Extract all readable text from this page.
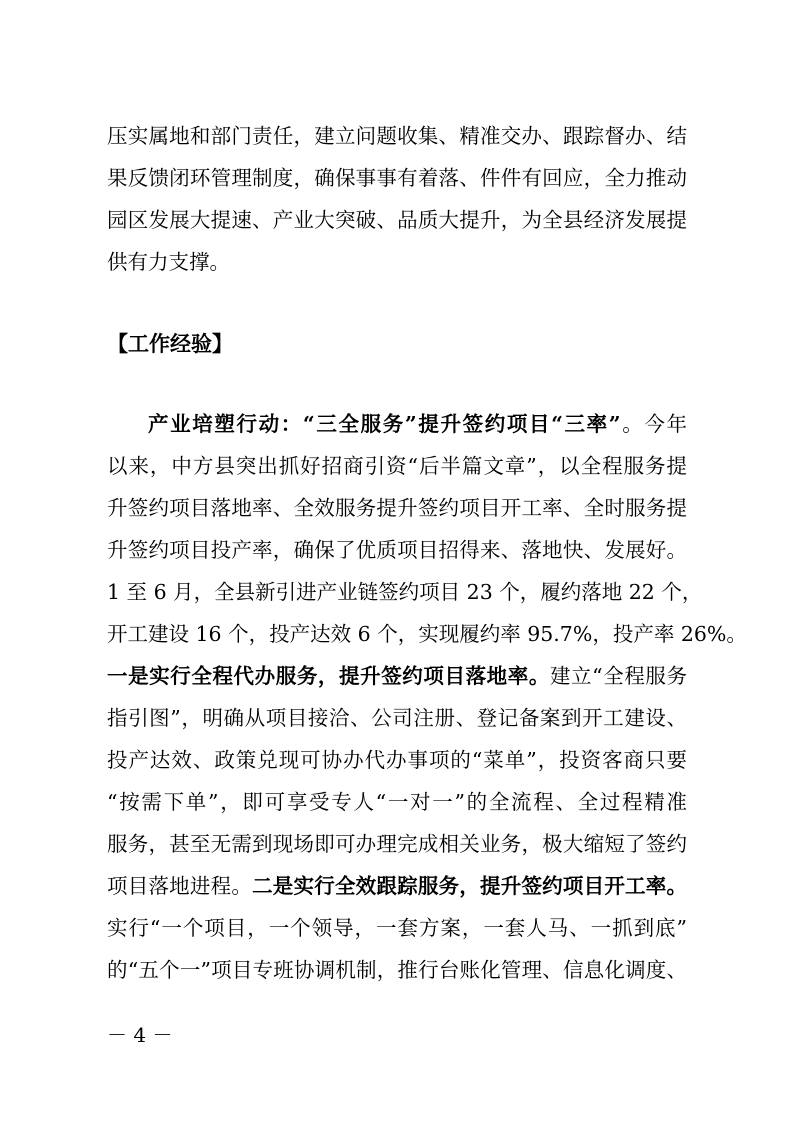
压实属地和部门责任，建立问题收集、精准交办、跟踪督办、结
果反馈闭环管理制度，确保事事有着落、件件有回应，全力推动
园区发展大提速、产业大突破、品质大提升，为全县经济发展提
供有力支撑。
【工作经验】
产业培塑行动：“三全服务”提升签约项目“三率”。今年
以来，中方县突出抓好招商引资“后半篇文章”，以全程服务提
升签约项目落地率、全效服务提升签约项目开工率、全时服务提
升签约项目投产率，确保了优质项目招得来、落地快、发展好。
1 至 6 月，全县新引进产业链签约项目 23 个，履约落地 22 个，
开工建设 16 个，投产达效 6 个，实现履约率 95.7%，投产率 26%。
一是实行全程代办服务，提升签约项目落地率。建立“全程服务
指引图”，明确从项目接洽、公司注册、登记备案到开工建设、
投产达效、政策兑现可协办代办事项的“菜单”，投资客商只要
“按需下单”，即可享受专人“一对一”的全流程、全过程精准
服务，甚至无需到现场即可办理完成相关业务，极大缩短了签约
项目落地进程。二是实行全效跟踪服务，提升签约项目开工率。
实行“一个项目，一个领导，一套方案，一套人马、一抓到底”
的“五个一”项目专班协调机制，推行台账化管理、信息化调度、
－ 4 －
